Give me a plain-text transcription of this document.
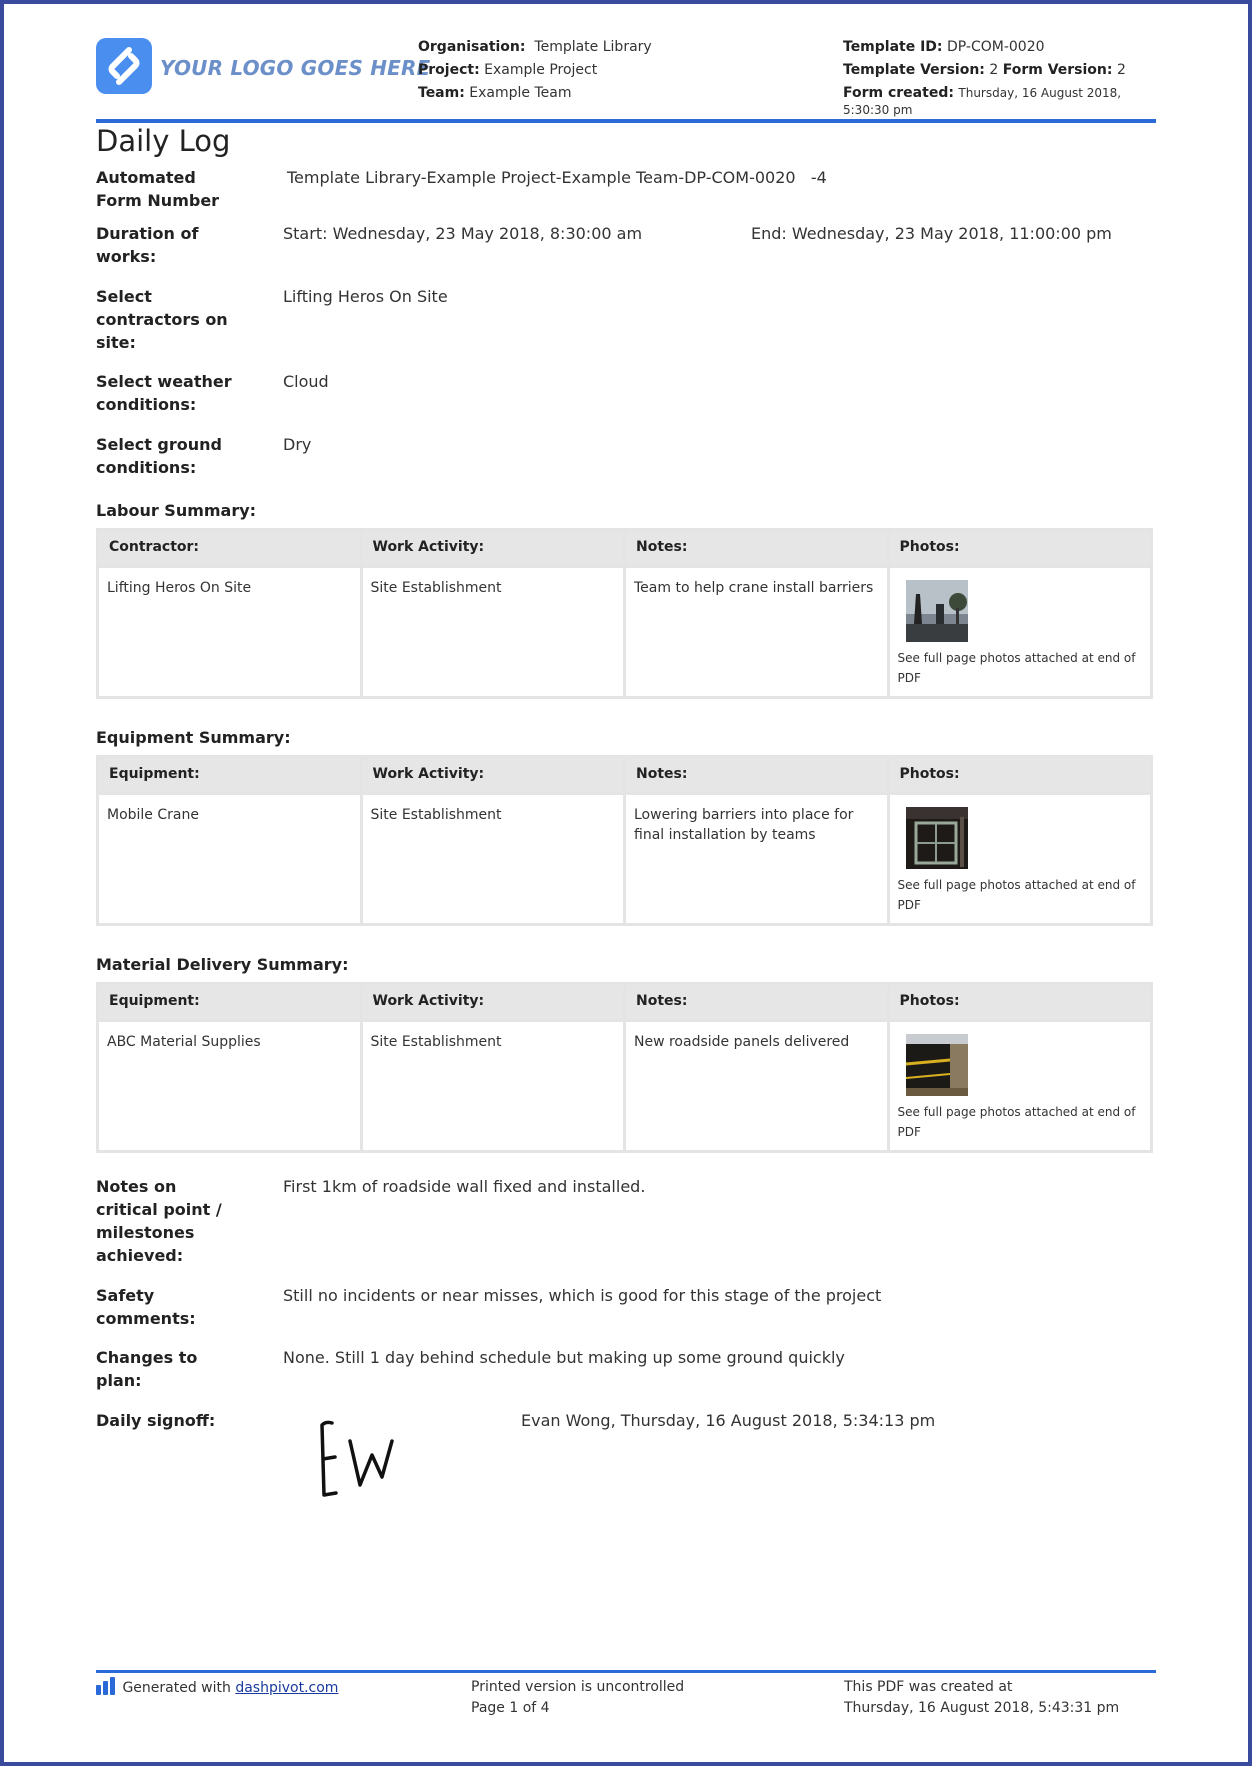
YOUR LOGO GOES HERE
Organisation: Template Library
Project: Example Project
Team: Example Team
Template ID: DP-COM-0020
Template Version: 2 Form Version: 2
Form created: Thursday, 16 August 2018, 5:30:30 pm
Daily Log
Automated Form Number
Template Library-Example Project-Example Team-DP-COM-0020   -4
Duration of works:
Start: Wednesday, 23 May 2018, 8:30:00 am	End: Wednesday, 23 May 2018, 11:00:00 pm
Select contractors on site:
Lifting Heros On Site
Select weather conditions:
Cloud
Select ground conditions:
Dry
Labour Summary:
Contractor:	Work Activity:	Notes:	Photos:
Lifting Heros On Site	Site Establishment	Team to help crane install barriers	See full page photos attached at end of PDF
Equipment Summary:
Equipment:	Work Activity:	Notes:	Photos:
Mobile Crane	Site Establishment	Lowering barriers into place for final installation by teams	See full page photos attached at end of PDF
Material Delivery Summary:
Equipment:	Work Activity:	Notes:	Photos:
ABC Material Supplies	Site Establishment	New roadside panels delivered	See full page photos attached at end of PDF
Notes on critical point / milestones achieved:
First 1km of roadside wall fixed and installed.
Safety comments:
Still no incidents or near misses, which is good for this stage of the project
Changes to plan:
None. Still 1 day behind schedule but making up some ground quickly
Daily signoff:	Evan Wong, Thursday, 16 August 2018, 5:34:13 pm
Generated with dashpivot.com	Printed version is uncontrolled
Page 1 of 4
This PDF was created at
Thursday, 16 August 2018, 5:43:31 pm
